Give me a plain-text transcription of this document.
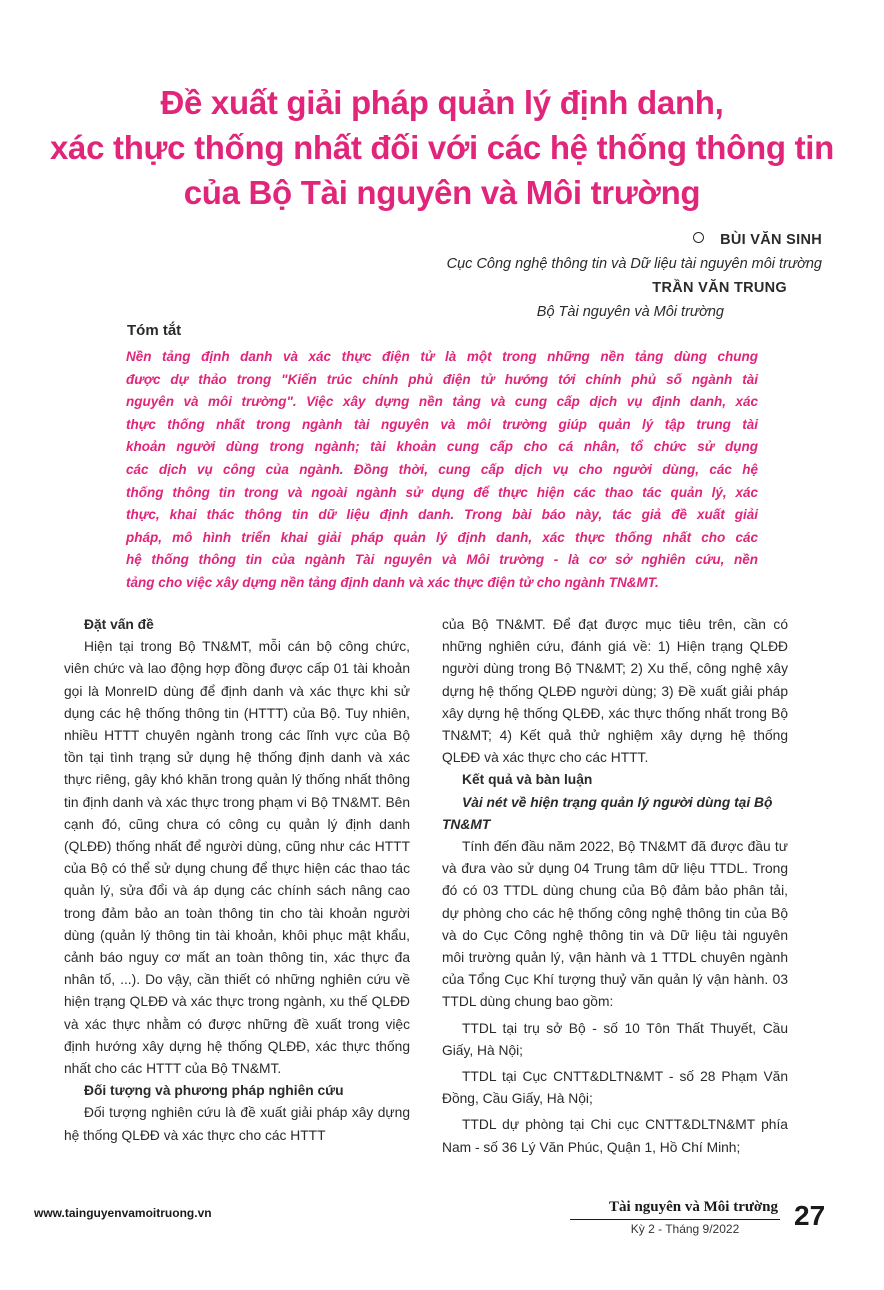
Đề xuất giải pháp quản lý định danh,
xác thực thống nhất đối với các hệ thống thông tin
của Bộ Tài nguyên và Môi trường
BÙI VĂN SINH
Cục Công nghệ thông tin và Dữ liệu tài nguyên môi trường
TRẦN VĂN TRUNG
Bộ Tài nguyên và Môi trường
Tóm tắt
Nền tảng định danh và xác thực điện tử là một trong những nền tảng dùng chung
được dự thảo trong "Kiến trúc chính phủ điện tử hướng tới chính phủ số ngành tài
nguyên và môi trường". Việc xây dựng nền tảng và cung cấp dịch vụ định danh, xác
thực thống nhất trong ngành tài nguyên và môi trường giúp quản lý tập trung tài
khoản người dùng trong ngành; tài khoản cung cấp cho cá nhân, tổ chức sử dụng
các dịch vụ công của ngành. Đồng thời, cung cấp dịch vụ cho người dùng, các hệ
thống thông tin trong và ngoài ngành sử dụng để thực hiện các thao tác quản lý, xác
thực, khai thác thông tin dữ liệu định danh. Trong bài báo này, tác giả đề xuất giải
pháp, mô hình triển khai giải pháp quản lý định danh, xác thực thống nhất cho các
hệ thống thông tin của ngành Tài nguyên và Môi trường - là cơ sở nghiên cứu, nền
tảng cho việc xây dựng nền tảng định danh và xác thực điện tử cho ngành TN&MT.
Đặt vấn đề

Hiện tại trong Bộ TN&MT, mỗi cán bộ công chức, viên chức và lao động hợp đồng được cấp 01 tài khoản gọi là MonreID dùng để định danh và xác thực khi sử dụng các hệ thống thông tin (HTTT) của Bộ. Tuy nhiên, nhiều HTTT chuyên ngành trong các lĩnh vực của Bộ tồn tại tình trạng sử dụng hệ thống định danh và xác thực riêng, gây khó khăn trong quản lý thống nhất thông tin định danh và xác thực trong phạm vi Bộ TN&MT. Bên cạnh đó, cũng chưa có công cụ quản lý định danh (QLĐĐ) thống nhất để người dùng, cũng như các HTTT của Bộ có thể sử dụng chung để thực hiện các thao tác quản lý, sửa đổi và áp dụng các chính sách nâng cao trong đảm bảo an toàn thông tin cho tài khoản người dùng (quản lý thông tin tài khoản, khôi phục mật khẩu, cảnh báo nguy cơ mất an toàn thông tin, xác thực đa nhân tố, ...). Do vậy, cần thiết có những nghiên cứu về hiện trạng QLĐĐ và xác thực trong ngành, xu thế QLĐĐ và xác thực nhằm có được những đề xuất trong việc định hướng xây dựng hệ thống QLĐĐ, xác thực thống nhất cho các HTTT của Bộ TN&MT.

Đối tượng và phương pháp nghiên cứu

Đối tượng nghiên cứu là đề xuất giải pháp xây dựng hệ thống QLĐĐ và xác thực cho các HTTT

của Bộ TN&MT. Để đạt được mục tiêu trên, cần có những nghiên cứu, đánh giá về: 1) Hiện trạng QLĐĐ người dùng trong Bộ TN&MT; 2) Xu thế, công nghệ xây dựng hệ thống QLĐĐ người dùng; 3) Đề xuất giải pháp xây dựng hệ thống QLĐĐ, xác thực thống nhất trong Bộ TN&MT; 4) Kết quả thử nghiệm xây dựng hệ thống QLĐĐ và xác thực cho các HTTT.

Kết quả và bàn luận
Vài nét về hiện trạng quản lý người dùng tại Bộ TN&MT

Tính đến đầu năm 2022, Bộ TN&MT đã được đầu tư và đưa vào sử dụng 04 Trung tâm dữ liệu TTDL. Trong đó có 03 TTDL dùng chung của Bộ đảm bảo phân tải, dự phòng cho các hệ thống công nghệ thông tin của Bộ và do Cục Công nghệ thông tin và Dữ liệu tài nguyên môi trường quản lý, vận hành và 1 TTDL chuyên ngành của Tổng Cục Khí tượng thuỷ văn quản lý vận hành. 03 TTDL dùng chung bao gồm:

TTDL tại trụ sở Bộ - số 10 Tôn Thất Thuyết, Cầu Giấy, Hà Nội;

TTDL tại Cục CNTT&DLTN&MT - số 28 Phạm Văn Đồng, Cầu Giấy, Hà Nội;

TTDL dự phòng tại Chi cục CNTT&DLTN&MT phía Nam - số 36 Lý Văn Phúc, Quận 1, Hồ Chí Minh;

www.tainguyenvamoitruong.vn	Tài nguyên và Môi trường
Kỳ 2 - Tháng 9/2022	27
